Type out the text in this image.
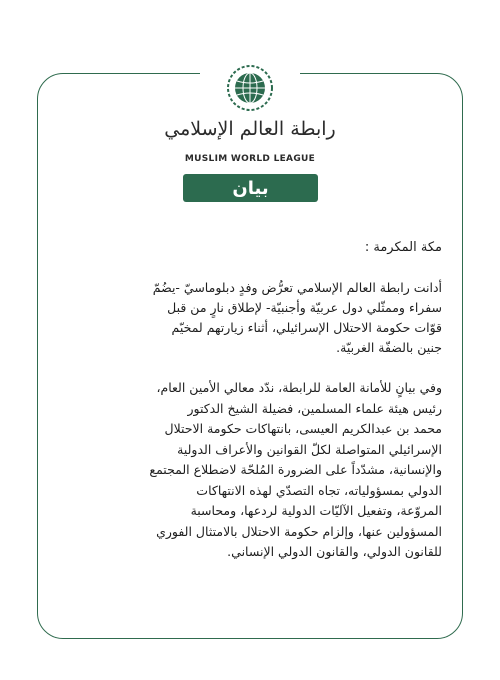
رابطة العالم الإسلامي
MUSLIM WORLD LEAGUE
بيان
مكة المكرمة :
أدانت رابطة العالم الإسلامي تعرُّض وفدٍ دبلوماسيّ -يضُمّ
سفراء وممثّلي دول عربيّة وأجنبيّة- لإطلاق نارٍ من قبل
قوّات حكومة الاحتلال الإسرائيلي، أثناء زيارتهم لمخيّم
جنين بالضفّة الغربيّة.
وفي بيانٍ للأمانة العامة للرابطة، ندّد معالي الأمين العام،
رئيس هيئة علماء المسلمين، فضيلة الشيخ الدكتور
محمد بن عبدالكريم العيسى، بانتهاكات حكومة الاحتلال
الإسرائيلي المتواصلة لكلّ القوانين والأعراف الدولية
والإنسانية، مشدّداً على الضرورة المُلحّة لاضطلاع المجتمع
الدولي بمسؤولياته، تجاه التصدّي لهذه الانتهاكات
المروّعة، وتفعيل الآليّات الدولية لردعها، ومحاسبة
المسؤولين عنها، وإلزام حكومة الاحتلال بالامتثال الفوري
للقانون الدولي، والقانون الدولي الإنساني.
